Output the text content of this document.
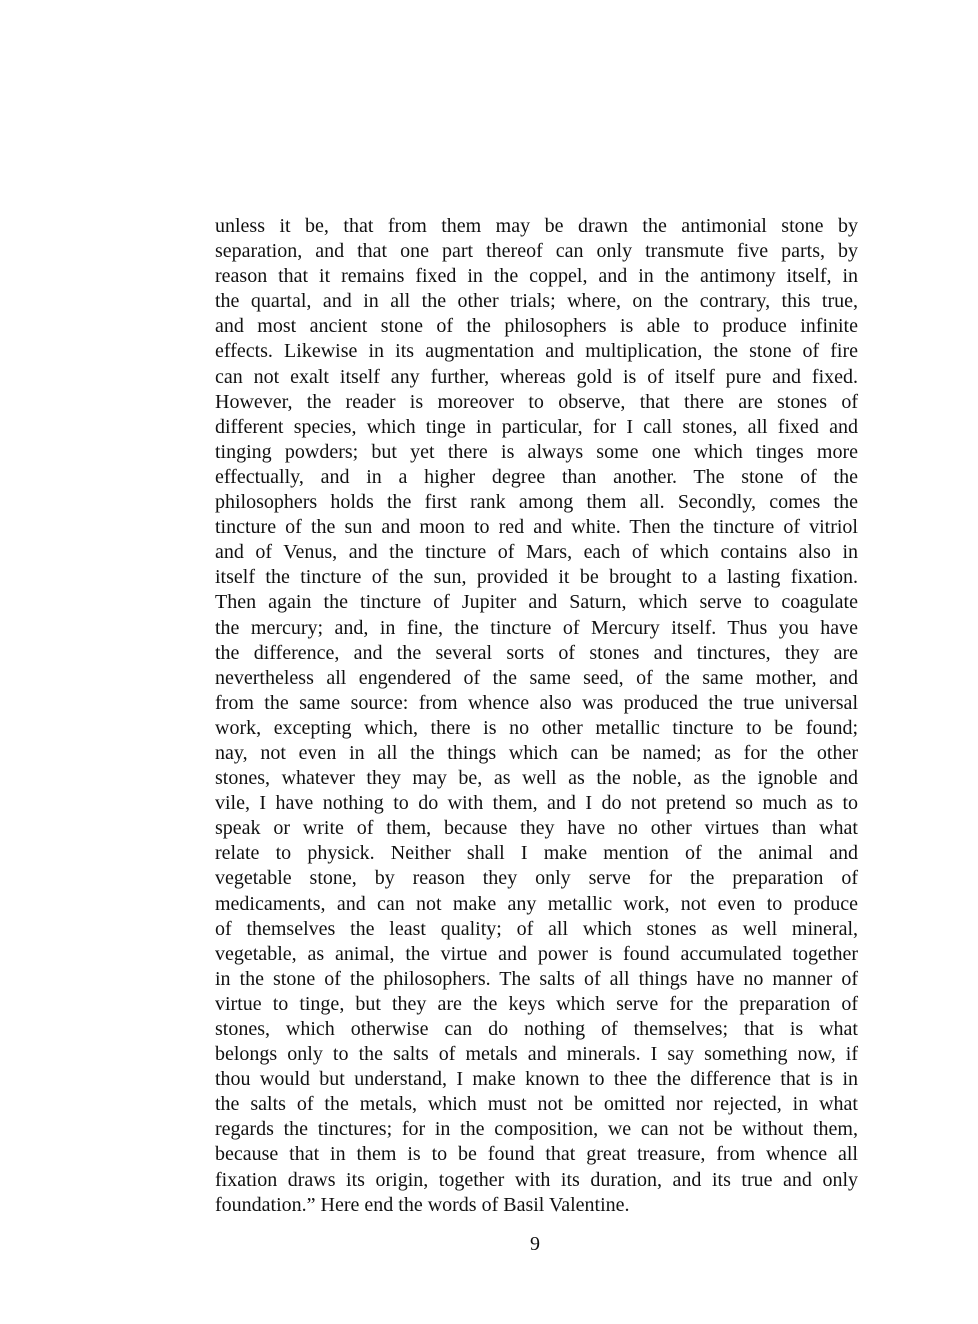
unless it be, that from them may be drawn the antimonial stone by
separation, and that one part thereof can only transmute five parts, by
reason that it remains fixed in the coppel, and in the antimony itself, in
the quartal, and in all the other trials; where, on the contrary, this true,
and most ancient stone of the philosophers is able to produce infinite
effects. Likewise in its augmentation and multiplication, the stone of fire
can not exalt itself any further, whereas gold is of itself pure and fixed.
However, the reader is moreover to observe, that there are stones of
different species, which tinge in particular, for I call stones, all fixed and
tinging powders; but yet there is always some one which tinges more
effectually, and in a higher degree than another. The stone of the
philosophers holds the first rank among them all. Secondly, comes the
tincture of the sun and moon to red and white. Then the tincture of vitriol
and of Venus, and the tincture of Mars, each of which contains also in
itself the tincture of the sun, provided it be brought to a lasting fixation.
Then again the tincture of Jupiter and Saturn, which serve to coagulate
the mercury; and, in fine, the tincture of Mercury itself. Thus you have
the difference, and the several sorts of stones and tinctures, they are
nevertheless all engendered of the same seed, of the same mother, and
from the same source: from whence also was produced the true universal
work, excepting which, there is no other metallic tincture to be found;
nay, not even in all the things which can be named; as for the other
stones, whatever they may be, as well as the noble, as the ignoble and
vile, I have nothing to do with them, and I do not pretend so much as to
speak or write of them, because they have no other virtues than what
relate to physick. Neither shall I make mention of the animal and
vegetable stone, by reason they only serve for the preparation of
medicaments, and can not make any metallic work, not even to produce
of themselves the least quality; of all which stones as well mineral,
vegetable, as animal, the virtue and power is found accumulated together
in the stone of the philosophers. The salts of all things have no manner of
virtue to tinge, but they are the keys which serve for the preparation of
stones, which otherwise can do nothing of themselves; that is what
belongs only to the salts of metals and minerals. I say something now, if
thou would but understand, I make known to thee the difference that is in
the salts of the metals, which must not be omitted nor rejected, in what
regards the tinctures; for in the composition, we can not be without them,
because that in them is to be found that great treasure, from whence all
fixation draws its origin, together with its duration, and its true and only
foundation.” Here end the words of Basil Valentine.
9
